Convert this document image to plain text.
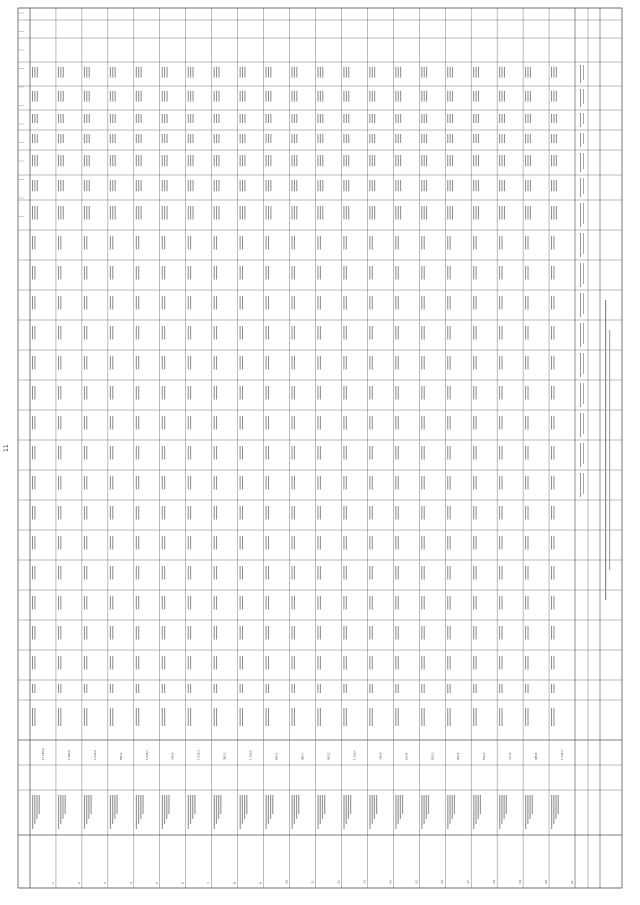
1
17 195,4
2
1 262,8
3
2 014,9
4
860,2
5
5 433,7
6
744,6
7
1 005,3
8
392,0
9
1 280,5
10
640,1
11
980,7
12
455,2
13
1 120,0
14
738,9
15
612,4
16
820,0
17
905,6
18
534,3
19
701,8
20
388,5
21
1 044,2
11
